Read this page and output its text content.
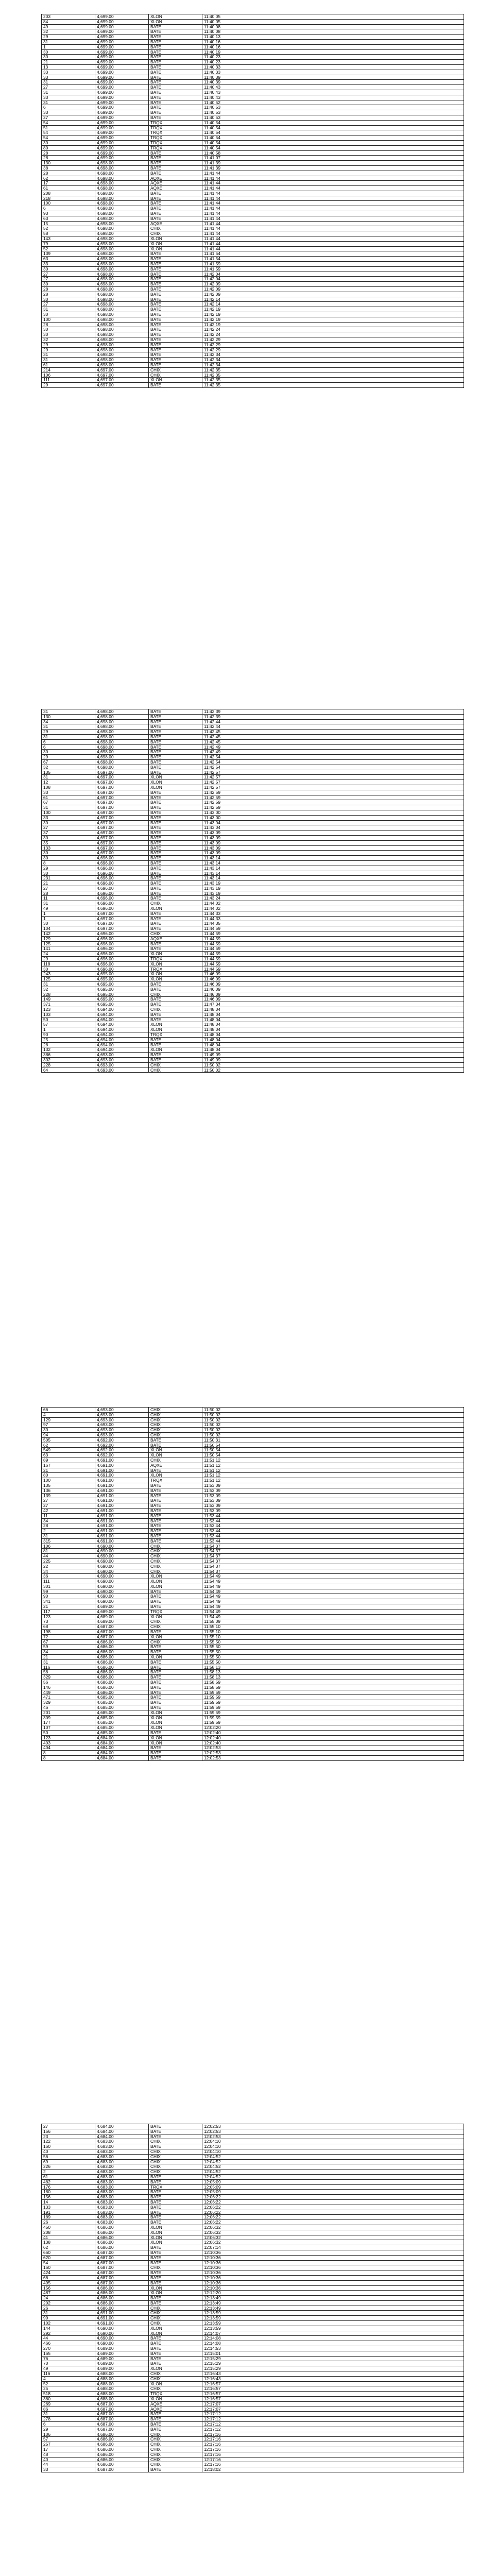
203	4,699.00	XLON	11:40:05
84	4,699.00	XLON	11:40:05
49	4,699.00	BATE	11:40:08
32	4,699.00	BATE	11:40:08
29	4,699.00	BATE	11:40:13
31	4,699.00	BATE	11:40:16
1	4,699.00	BATE	11:40:16
30	4,699.00	BATE	11:40:19
30	4,699.00	BATE	11:40:23
21	4,699.00	BATE	11:40:23
13	4,699.00	BATE	11:40:33
33	4,699.00	BATE	11:40:33
33	4,699.00	BATE	11:40:39
31	4,699.00	BATE	11:40:39
27	4,699.00	BATE	11:40:43
31	4,699.00	BATE	11:40:43
33	4,699.00	BATE	11:40:43
31	4,699.00	BATE	11:40:52
6	4,699.00	BATE	11:40:53
33	4,699.00	BATE	11:40:53
27	4,699.00	BATE	11:40:53
54	4,699.00	TRQX	11:40:54
51	4,699.00	TRQX	11:40:54
54	4,699.00	TRQX	11:40:54
54	4,699.00	TRQX	11:40:54
30	4,699.00	TRQX	11:40:54
80	4,699.00	TRQX	11:40:54
28	4,699.00	BATE	11:40:58
28	4,699.00	BATE	11:41:07
130	4,698.00	BATE	11:41:39
38	4,698.00	BATE	11:41:39
28	4,698.00	BATE	11:41:44
62	4,698.00	AQXE	11:41:44
17	4,698.00	AQXE	11:41:44
61	4,698.00	AQXE	11:41:44
208	4,698.00	BATE	11:41:44
218	4,698.00	BATE	11:41:44
100	4,698.00	BATE	11:41:44
6	4,698.00	BATE	11:41:44
93	4,698.00	BATE	11:41:44
63	4,698.00	BATE	11:41:44
15	4,698.00	AQXE	11:41:44
52	4,698.00	CHIX	11:41:44
58	4,698.00	CHIX	11:41:44
143	4,698.00	XLON	11:41:44
79	4,698.00	XLON	11:41:44
52	4,698.00	XLON	11:41:44
139	4,698.00	BATE	11:41:54
63	4,698.00	BATE	11:41:54
33	4,698.00	BATE	11:41:59
30	4,698.00	BATE	11:41:59
27	4,698.00	BATE	11:42:04
27	4,698.00	BATE	11:42:04
30	4,698.00	BATE	11:42:09
28	4,698.00	BATE	11:42:09
28	4,698.00	BATE	11:42:09
30	4,698.00	BATE	11:42:14
27	4,698.00	BATE	11:42:14
31	4,698.00	BATE	11:42:19
30	4,698.00	BATE	11:42:19
100	4,698.00	BATE	11:42:19
28	4,698.00	BATE	11:42:19
30	4,698.00	BATE	11:42:24
30	4,698.00	BATE	11:42:24
32	4,698.00	BATE	11:42:29
29	4,698.00	BATE	11:42:29
29	4,698.00	BATE	11:42:29
31	4,698.00	BATE	11:42:34
31	4,698.00	BATE	11:42:34
61	4,698.00	BATE	11:42:34
214	4,697.00	CHIX	11:42:35
106	4,697.00	CHIX	11:42:35
111	4,697.00	XLON	11:42:35
29	4,697.00	BATE	11:42:35
31	4,698.00	BATE	11:42:39
130	4,698.00	BATE	11:42:39
34	4,698.00	BATE	11:42:44
31	4,698.00	BATE	11:42:44
29	4,698.00	BATE	11:42:45
31	4,698.00	BATE	11:42:45
6	4,698.00	BATE	11:42:45
6	4,698.00	BATE	11:42:49
30	4,698.00	BATE	11:42:49
29	4,698.00	BATE	11:42:54
67	4,698.00	BATE	11:42:54
32	4,698.00	BATE	11:42:54
135	4,697.00	BATE	11:42:57
31	4,697.00	XLON	11:42:57
12	4,697.00	XLON	11:42:57
108	4,697.00	XLON	11:42:57
33	4,697.00	BATE	11:42:59
61	4,697.00	BATE	11:42:59
67	4,697.00	BATE	11:42:59
31	4,697.00	BATE	11:42:59
100	4,697.00	BATE	11:43:00
33	4,697.00	BATE	11:43:00
30	4,697.00	BATE	11:43:04
27	4,697.00	BATE	11:43:04
37	4,697.00	BATE	11:43:09
30	4,697.00	BATE	11:43:09
35	4,697.00	BATE	11:43:09
133	4,697.00	BATE	11:43:09
30	4,697.00	BATE	11:43:09
30	4,696.00	BATE	11:43:14
8	4,696.00	BATE	11:43:14
29	4,696.00	BATE	11:43:14
30	4,696.00	BATE	11:43:14
231	4,696.00	BATE	11:43:14
21	4,696.00	BATE	11:43:19
27	4,696.00	BATE	11:43:19
28	4,696.00	BATE	11:43:19
11	4,696.00	BATE	11:43:24
31	4,696.00	CHIX	11:44:02
49	4,696.00	XLON	11:44:02
1	4,697.00	BATE	11:44:33
1	4,697.00	BATE	11:44:33
30	4,697.00	BATE	11:44:35
104	4,697.00	BATE	11:44:59
142	4,696.00	CHIX	11:44:59
129	4,696.00	AQXE	11:44:59
125	4,696.00	BATE	11:44:59
141	4,696.00	BATE	11:44:59
24	4,696.00	XLON	11:44:59
29	4,696.00	TRQX	11:44:59
118	4,696.00	XLON	11:44:59
30	4,696.00	TRQX	11:44:59
243	4,695.00	XLON	11:46:09
125	4,695.00	XLON	11:46:09
31	4,695.00	BATE	11:46:09
32	4,695.00	BATE	11:46:09
228	4,695.00	CHIX	11:46:09
149	4,695.00	BATE	11:46:09
371	4,695.00	BATE	11:47:34
123	4,694.00	CHIX	11:48:04
103	4,694.00	BATE	11:48:04
50	4,694.00	BATE	11:48:04
57	4,694.00	XLON	11:48:04
1	4,694.00	XLON	11:48:04
90	4,694.00	TRQX	11:48:04
25	4,694.00	BATE	11:48:04
28	4,694.00	BATE	11:48:04
132	4,694.00	XLON	11:48:04
386	4,693.00	BATE	11:49:09
302	4,693.00	BATE	11:49:09
228	4,693.00	CHIX	11:50:02
64	4,693.00	CHIX	11:50:02
66	4,693.00	CHIX	11:50:02
4	4,693.00	CHIX	11:50:02
129	4,693.00	CHIX	11:50:02
97	4,693.00	CHIX	11:50:02
30	4,693.00	CHIX	11:50:02
94	4,693.00	CHIX	11:50:02
505	4,692.00	BATE	11:50:31
62	4,692.00	BATE	11:50:54
549	4,692.00	XLON	11:50:54
63	4,692.00	XLON	11:50:54
89	4,691.00	CHIX	11:51:12
167	4,691.00	AQXE	11:51:12
21	4,691.00	BATE	11:51:12
80	4,691.00	XLON	11:51:12
100	4,691.00	TRQX	11:51:12
135	4,691.00	BATE	11:53:09
136	4,691.00	BATE	11:53:09
139	4,691.00	BATE	11:53:09
27	4,691.00	BATE	11:53:09
27	4,691.00	BATE	11:53:09
42	4,691.00	BATE	11:53:09
11	4,691.00	BATE	11:53:44
34	4,691.00	BATE	11:53:44
28	4,691.00	BATE	11:53:44
2	4,691.00	BATE	11:53:44
31	4,691.00	BATE	11:53:44
315	4,691.00	BATE	11:53:44
106	4,690.00	CHIX	11:54:37
81	4,690.00	CHIX	11:54:37
44	4,690.00	CHIX	11:54:37
225	4,690.00	CHIX	11:54:37
22	4,690.00	CHIX	11:54:37
34	4,690.00	CHIX	11:54:37
36	4,690.00	XLON	11:54:49
111	4,690.00	XLON	11:54:49
301	4,690.00	XLON	11:54:49
99	4,690.00	BATE	11:54:49
90	4,690.00	BATE	11:54:49
341	4,690.00	BATE	11:54:49
21	4,689.00	BATE	11:54:49
117	4,689.00	TRQX	11:54:49
123	4,689.00	XLON	11:54:49
73	4,689.00	CHIX	11:55:09
68	4,687.00	CHIX	11:55:10
198	4,687.00	BATE	11:55:10
72	4,687.00	XLON	11:55:10
67	4,686.00	CHIX	11:55:50
59	4,686.00	BATE	11:55:50
34	4,686.00	BATE	11:55:50
21	4,686.00	XLON	11:55:50
31	4,686.00	BATE	11:55:50
116	4,686.00	BATE	11:58:13
56	4,686.00	BATE	11:58:13
329	4,686.00	BATE	11:58:13
56	4,686.00	BATE	11:58:59
146	4,686.00	BATE	11:58:59
449	4,686.00	BATE	11:59:59
471	4,685.00	BATE	11:59:59
329	4,685.00	BATE	11:59:59
46	4,685.00	BATE	11:59:59
201	4,685.00	XLON	11:59:59
309	4,685.00	XLON	11:59:59
177	4,685.00	XLON	11:59:59
107	4,685.00	XLON	12:02:20
50	4,685.00	BATE	12:02:40
123	4,684.00	XLON	12:02:40
403	4,684.00	XLON	12:02:40
404	4,684.00	BATE	12:02:53
8	4,684.00	BATE	12:02:53
8	4,684.00	BATE	12:02:53
27	4,684.00	BATE	12:02:53
156	4,684.00	BATE	12:02:53
23	4,684.00	BATE	12:02:53
122	4,683.00	CHIX	12:04:10
160	4,683.00	BATE	12:04:10
40	4,683.00	CHIX	12:04:10
56	4,683.00	CHIX	12:04:52
69	4,683.00	CHIX	12:04:52
226	4,683.00	CHIX	12:04:52
2	4,683.00	CHIX	12:04:52
61	4,683.00	BATE	12:04:52
482	4,683.00	BATE	12:05:09
176	4,683.00	TRQX	12:05:09
180	4,683.00	BATE	12:05:09
156	4,683.00	BATE	12:06:22
14	4,683.00	BATE	12:06:22
133	4,683.00	BATE	12:06:22
191	4,683.00	BATE	12:06:22
189	4,683.00	BATE	12:06:22
26	4,683.00	BATE	12:06:22
450	4,686.00	XLON	12:06:32
208	4,686.00	XLON	12:06:32
41	4,686.00	XLON	12:06:32
138	4,686.00	XLON	12:06:32
62	4,686.00	BATE	12:07:14
660	4,687.00	BATE	12:10:36
620	4,687.00	BATE	12:10:36
54	4,687.00	BATE	12:10:36
160	4,687.00	CHIX	12:10:36
424	4,687.00	BATE	12:10:36
66	4,687.00	BATE	12:10:36
495	4,687.00	BATE	12:10:36
156	4,686.00	XLON	12:10:36
487	4,686.00	XLON	12:12:20
24	4,686.00	BATE	12:13:49
202	4,686.00	BATE	12:13:49
26	4,686.00	CHIX	12:13:49
31	4,691.00	CHIX	12:13:59
99	4,691.00	CHIX	12:13:59
102	4,691.00	CHIX	12:13:59
144	4,690.00	XLON	12:13:59
292	4,690.00	XLON	12:14:07
44	4,690.00	BATE	12:14:08
466	4,690.00	BATE	12:14:08
270	4,689.00	BATE	12:14:53
165	4,689.00	BATE	12:15:01
76	4,689.00	BATE	12:15:29
70	4,689.00	BATE	12:15:29
49	4,689.00	XLON	12:15:29
116	4,688.00	CHIX	12:16:43
4	4,688.00	CHIX	12:16:43
52	4,688.00	XLON	12:16:57
25	4,688.00	CHIX	12:16:57
518	4,688.00	TRQX	12:16:57
360	4,688.00	XLON	12:16:57
269	4,687.00	AQXE	12:17:07
86	4,687.00	AQXE	12:17:07
31	4,687.00	BATE	12:17:12
278	4,687.00	BATE	12:17:12
6	4,687.00	BATE	12:17:12
29	4,687.00	BATE	12:17:12
106	4,686.00	CHIX	12:17:16
57	4,686.00	CHIX	12:17:16
257	4,686.00	CHIX	12:17:16
17	4,686.00	CHIX	12:17:16
48	4,686.00	CHIX	12:17:16
40	4,686.00	CHIX	12:17:16
44	4,686.00	CHIX	12:17:16
33	4,687.00	BATE	12:18:02
